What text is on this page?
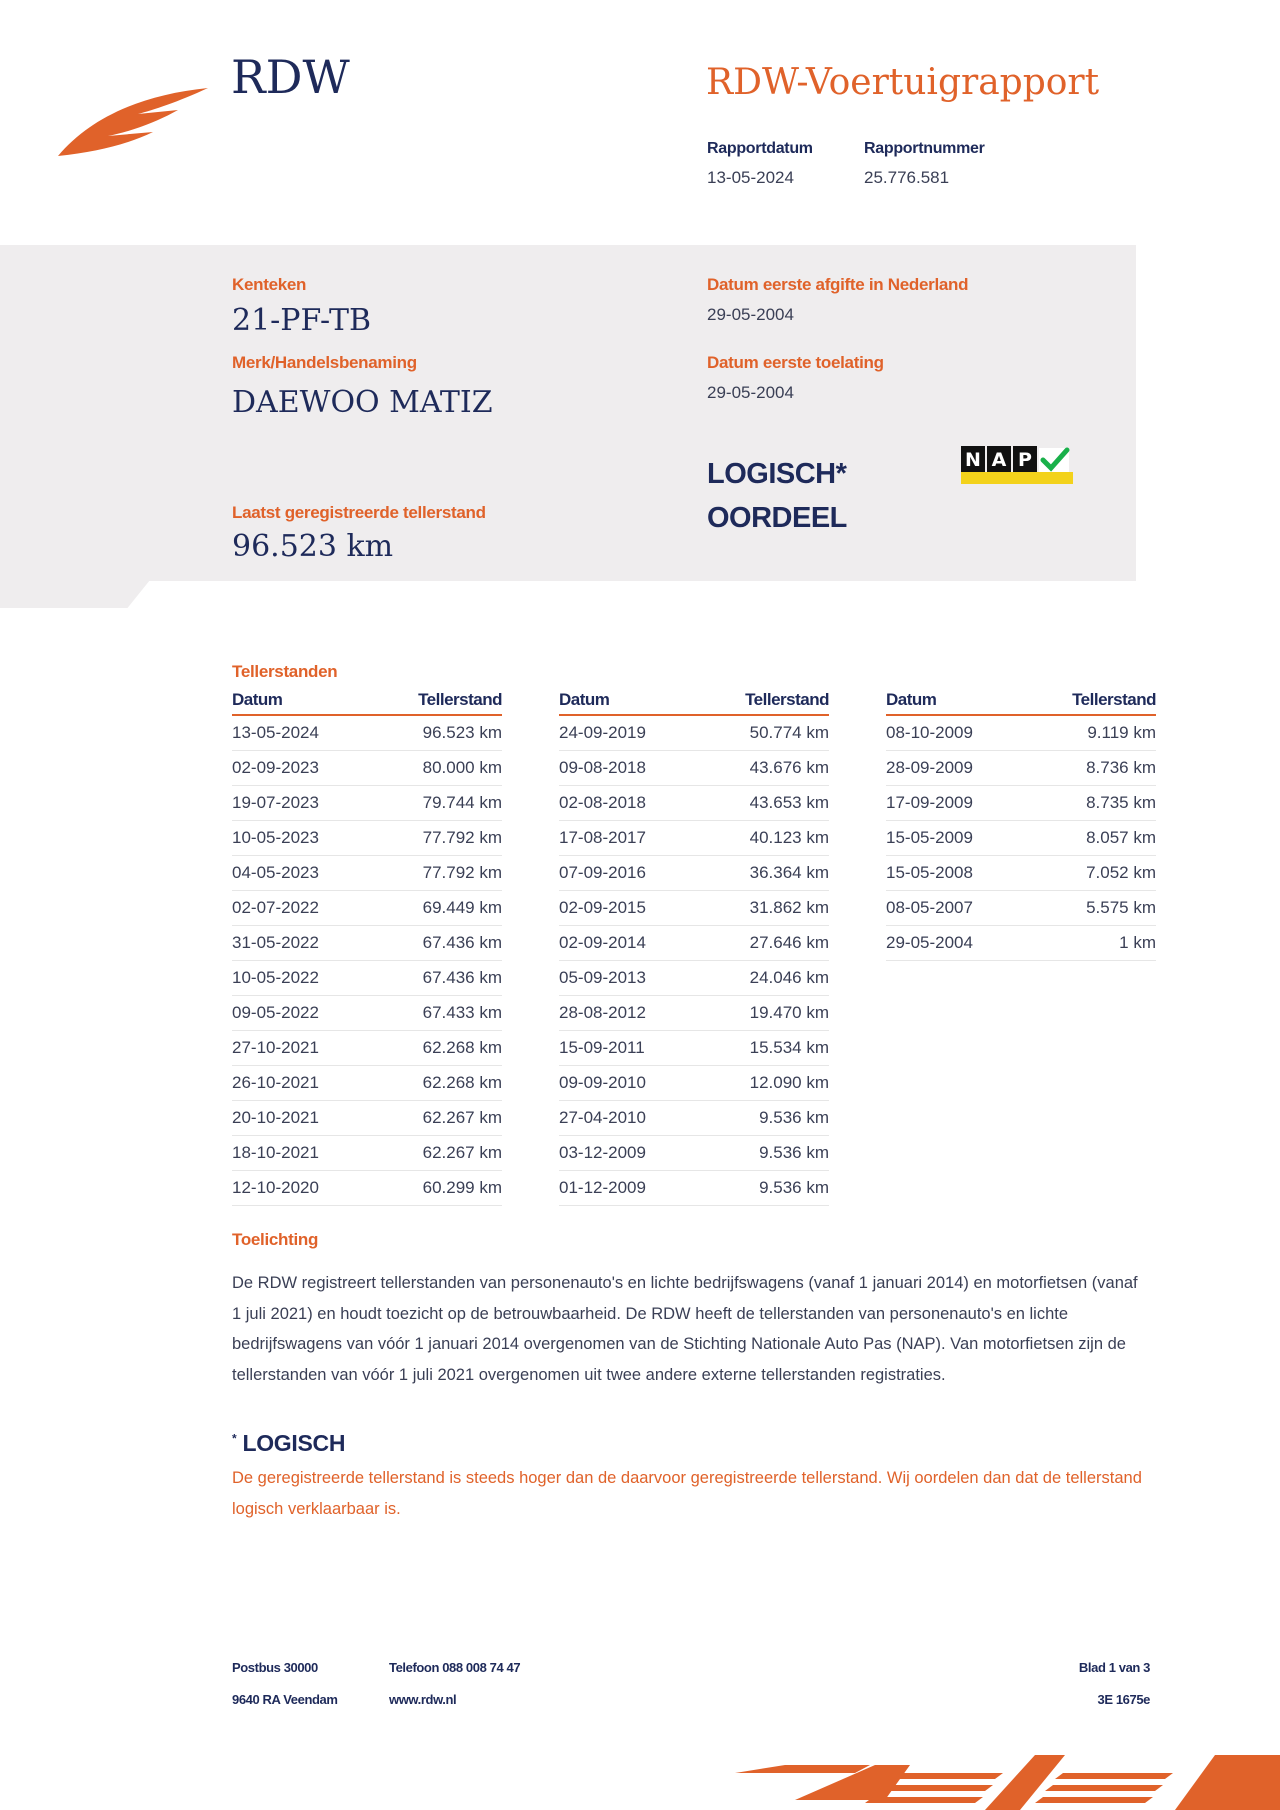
RDW	RDW-Voertuigrapport
Rapportdatum
13-05-2024
Rapportnummer
25.776.581
Kenteken
21-PF-TB
Merk/Handelsbenaming
DAEWOO MATIZ
Laatst geregistreerde tellerstand
96.523 km
Datum eerste afgifte in Nederland
29-05-2004
Datum eerste toelating
29-05-2004
LOGISCH*
OORDEEL
N A P
Tellerstanden
Datum	Tellerstand
13-05-2024	96.523 km
02-09-2023	80.000 km
19-07-2023	79.744 km
10-05-2023	77.792 km
04-05-2023	77.792 km
02-07-2022	69.449 km
31-05-2022	67.436 km
10-05-2022	67.436 km
09-05-2022	67.433 km
27-10-2021	62.268 km
26-10-2021	62.268 km
20-10-2021	62.267 km
18-10-2021	62.267 km
12-10-2020	60.299 km
Datum	Tellerstand
24-09-2019	50.774 km
09-08-2018	43.676 km
02-08-2018	43.653 km
17-08-2017	40.123 km
07-09-2016	36.364 km
02-09-2015	31.862 km
02-09-2014	27.646 km
05-09-2013	24.046 km
28-08-2012	19.470 km
15-09-2011	15.534 km
09-09-2010	12.090 km
27-04-2010	9.536 km
03-12-2009	9.536 km
01-12-2009	9.536 km
Datum	Tellerstand
08-10-2009	9.119 km
28-09-2009	8.736 km
17-09-2009	8.735 km
15-05-2009	8.057 km
15-05-2008	7.052 km
08-05-2007	5.575 km
29-05-2004	1 km
Toelichting
De RDW registreert tellerstanden van personenauto's en lichte bedrijfswagens (vanaf 1 januari 2014) en motorfietsen (vanaf 1 juli 2021) en houdt toezicht op de betrouwbaarheid. De RDW heeft de tellerstanden van personenauto's en lichte bedrijfswagens van vóór 1 januari 2014 overgenomen van de Stichting Nationale Auto Pas (NAP). Van motorfietsen zijn de tellerstanden van vóór 1 juli 2021 overgenomen uit twee andere externe tellerstanden registraties.
* LOGISCH
De geregistreerde tellerstand is steeds hoger dan de daarvoor geregistreerde tellerstand. Wij oordelen dan dat de tellerstand logisch verklaarbaar is.
Postbus 30000
9640 RA Veendam
Telefoon 088 008 74 47
www.rdw.nl
Blad 1 van 3
3E 1675e
